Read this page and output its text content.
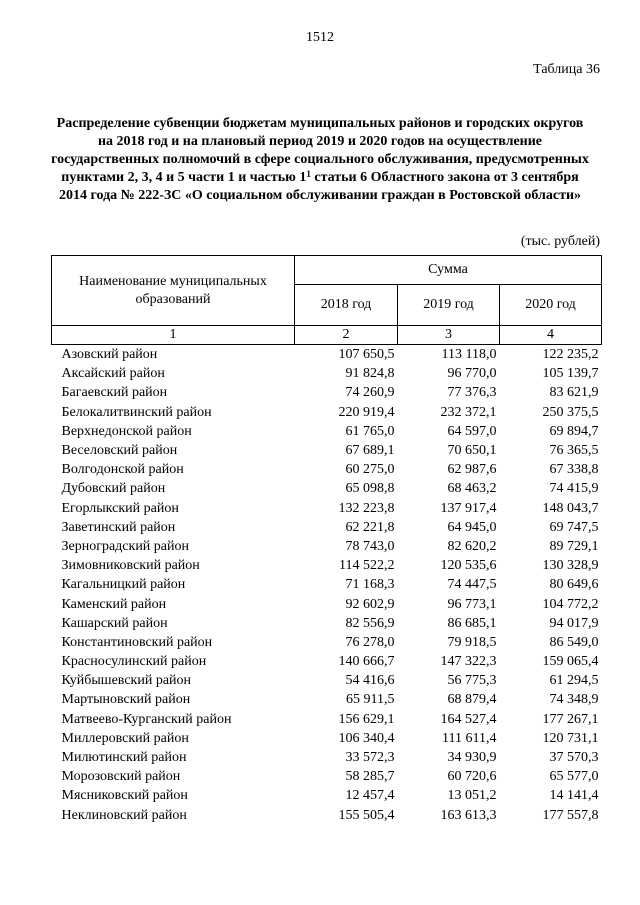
1512
Таблица 36
Распределение субвенции бюджетам муниципальных районов и городских округов на 2018 год и на плановый период 2019 и 2020 годов на осуществление государственных полномочий в сфере социального обслуживания, предусмотренных пунктами 2, 3, 4 и 5 части 1 и частью $1^1$ статьи 6 Областного закона от 3 сентября 2014 года № 222-ЗС «О социальном обслуживании граждан в Ростовской области»
(тыс. рублей)
Наименование муниципальных образований	Сумма		
	2018 год	2019 год	2020 год
1	2	3	4
Азовский район	107 650,5	113 118,0	122 235,2
Аксайский район	91 824,8	96 770,0	105 139,7
Багаевский район	74 260,9	77 376,3	83 621,9
Белокалитвинский район	220 919,4	232 372,1	250 375,5
Верхнедонской район	61 765,0	64 597,0	69 894,7
Веселовский район	67 689,1	70 650,1	76 365,5
Волгодонской район	60 275,0	62 987,6	67 338,8
Дубовский район	65 098,8	68 463,2	74 415,9
Егорлыкский район	132 223,8	137 917,4	148 043,7
Заветинский район	62 221,8	64 945,0	69 747,5
Зерноградский район	78 743,0	82 620,2	89 729,1
Зимовниковский район	114 522,2	120 535,6	130 328,9
Кагальницкий район	71 168,3	74 447,5	80 649,6
Каменский район	92 602,9	96 773,1	104 772,2
Кашарский район	82 556,9	86 685,1	94 017,9
Константиновский район	76 278,0	79 918,5	86 549,0
Красносулинский район	140 666,7	147 322,3	159 065,4
Куйбышевский район	54 416,6	56 775,3	61 294,5
Мартыновский район	65 911,5	68 879,4	74 348,9
Матвеево-Курганский район	156 629,1	164 527,4	177 267,1
Миллеровский район	106 340,4	111 611,4	120 731,1
Милютинский район	33 572,3	34 930,9	37 570,3
Морозовский район	58 285,7	60 720,6	65 577,0
Мясниковский район	12 457,4	13 051,2	14 141,4
Неклиновский район	155 505,4	163 613,3	177 557,8
